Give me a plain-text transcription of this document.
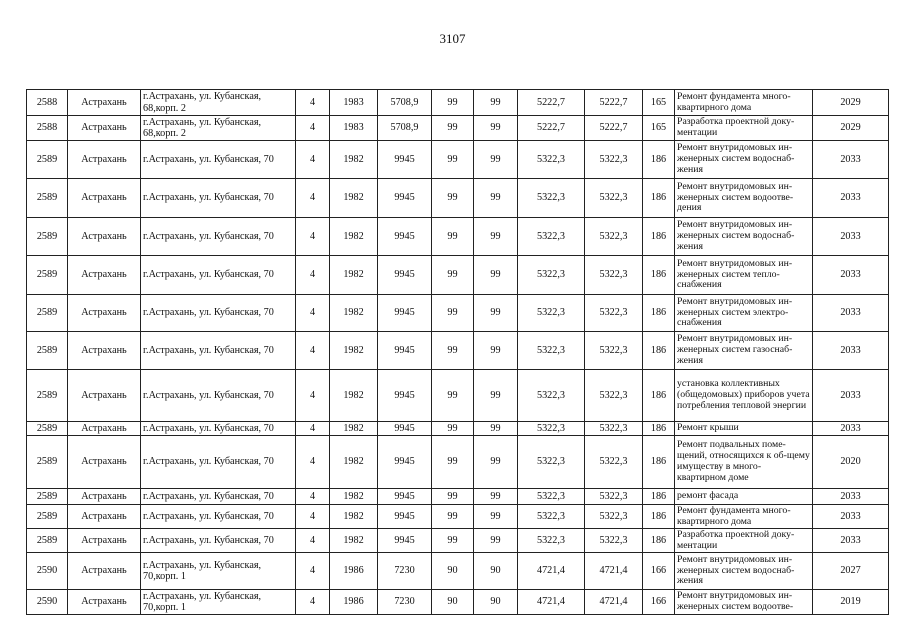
3107
2588	Астрахань	г.Астрахань, ул. Кубанская, 68,корп. 2	4	1983	5708,9	99	99	5222,7	5222,7	165	Ремонт фундамента много-квартирного дома	2029
2588	Астрахань	г.Астрахань, ул. Кубанская, 68,корп. 2	4	1983	5708,9	99	99	5222,7	5222,7	165	Разработка проектной доку-ментации	2029
2589	Астрахань	г.Астрахань, ул. Кубанская, 70	4	1982	9945	99	99	5322,3	5322,3	186	Ремонт внутридомовых ин-женерных систем водоснаб-жения	2033
2589	Астрахань	г.Астрахань, ул. Кубанская, 70	4	1982	9945	99	99	5322,3	5322,3	186	Ремонт внутридомовых ин-женерных систем водоотве-дения	2033
2589	Астрахань	г.Астрахань, ул. Кубанская, 70	4	1982	9945	99	99	5322,3	5322,3	186	Ремонт внутридомовых ин-женерных систем водоснаб-жения	2033
2589	Астрахань	г.Астрахань, ул. Кубанская, 70	4	1982	9945	99	99	5322,3	5322,3	186	Ремонт внутридомовых ин-женерных систем тепло-снабжения	2033
2589	Астрахань	г.Астрахань, ул. Кубанская, 70	4	1982	9945	99	99	5322,3	5322,3	186	Ремонт внутридомовых ин-женерных систем электро-снабжения	2033
2589	Астрахань	г.Астрахань, ул. Кубанская, 70	4	1982	9945	99	99	5322,3	5322,3	186	Ремонт внутридомовых ин-женерных систем газоснаб-жения	2033
2589	Астрахань	г.Астрахань, ул. Кубанская, 70	4	1982	9945	99	99	5322,3	5322,3	186	установка коллективных (общедомовых) приборов учета потребления тепловой энергии	2033
2589	Астрахань	г.Астрахань, ул. Кубанская, 70	4	1982	9945	99	99	5322,3	5322,3	186	Ремонт крыши	2033
2589	Астрахань	г.Астрахань, ул. Кубанская, 70	4	1982	9945	99	99	5322,3	5322,3	186	Ремонт подвальных поме-щений, относящихся к об-щему имуществу в много-квартирном доме	2020
2589	Астрахань	г.Астрахань, ул. Кубанская, 70	4	1982	9945	99	99	5322,3	5322,3	186	ремонт фасада	2033
2589	Астрахань	г.Астрахань, ул. Кубанская, 70	4	1982	9945	99	99	5322,3	5322,3	186	Ремонт фундамента много-квартирного дома	2033
2589	Астрахань	г.Астрахань, ул. Кубанская, 70	4	1982	9945	99	99	5322,3	5322,3	186	Разработка проектной доку-ментации	2033
2590	Астрахань	г.Астрахань, ул. Кубанская, 70,корп. 1	4	1986	7230	90	90	4721,4	4721,4	166	Ремонт внутридомовых ин-женерных систем водоснаб-жения	2027
2590	Астрахань	г.Астрахань, ул. Кубанская, 70,корп. 1	4	1986	7230	90	90	4721,4	4721,4	166	Ремонт внутридомовых ин-женерных систем водоотве-	2019
